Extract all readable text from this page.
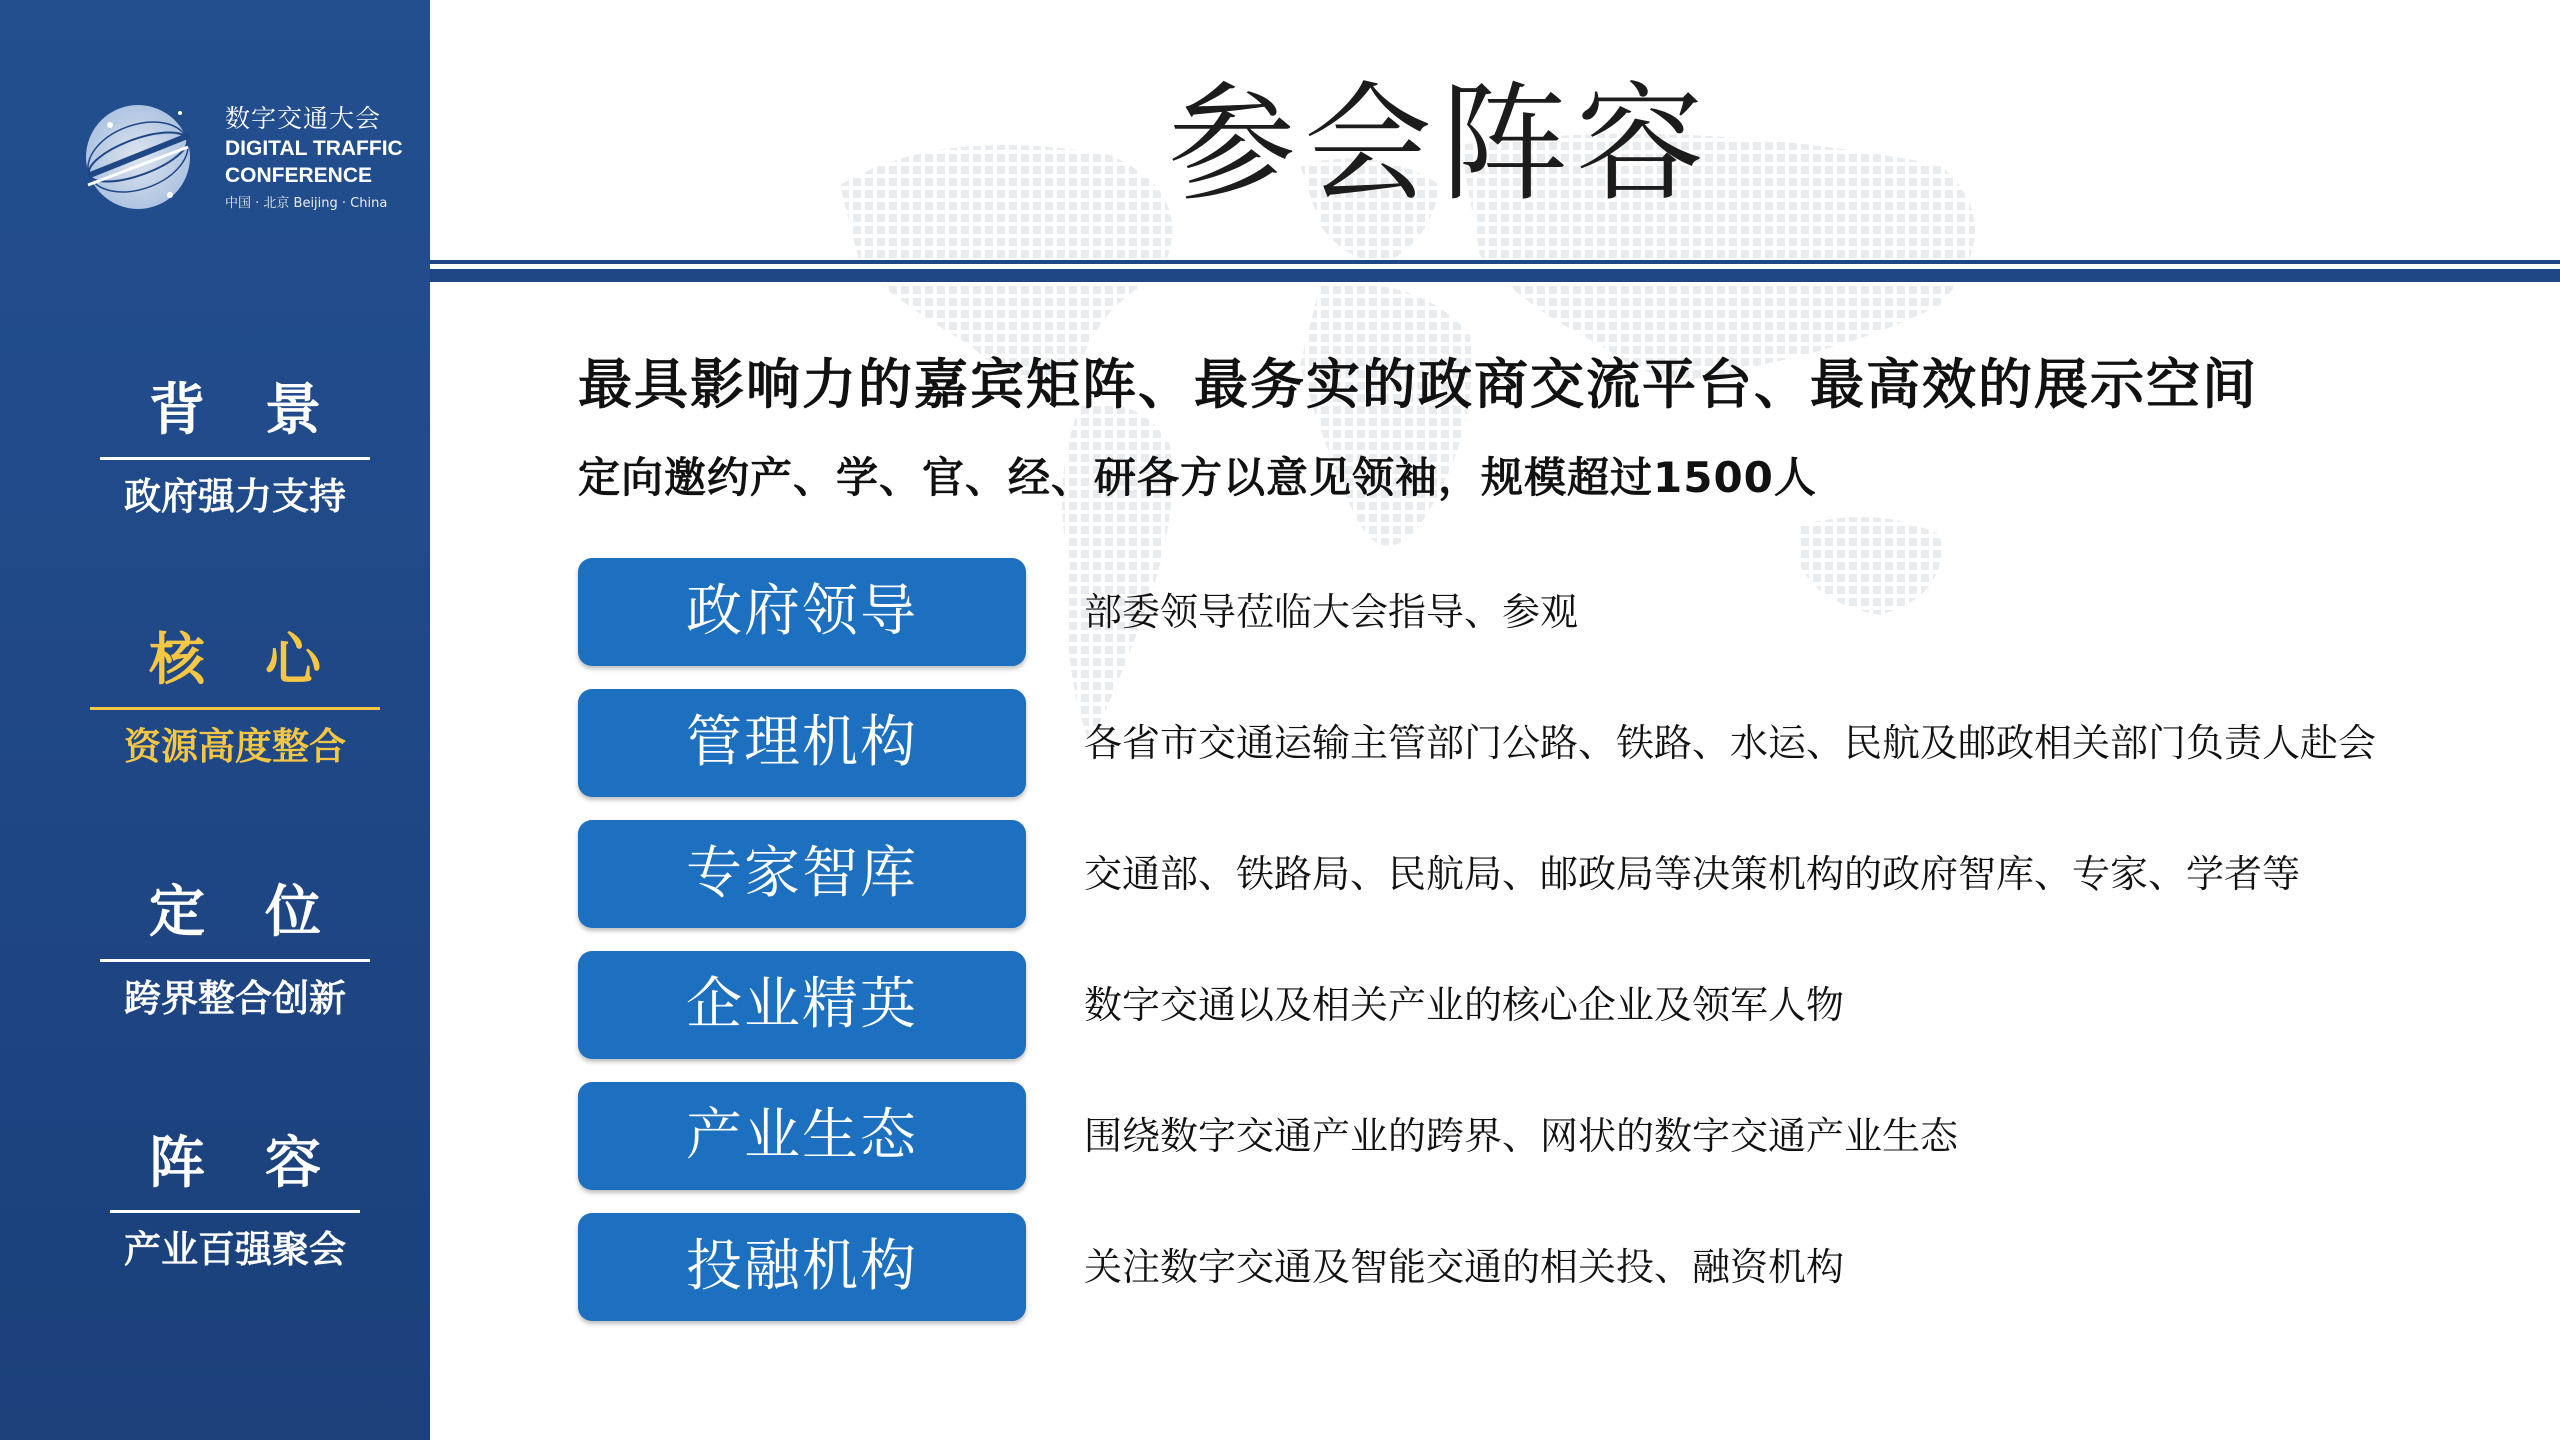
数字交通大会
DIGITAL TRAFFIC
CONFERENCE
中国 · 北京 Beijing · China
背景
政府强力支持
核心
资源高度整合
定位
跨界整合创新
阵容
产业百强聚会
参会阵容
最具影响力的嘉宾矩阵、最务实的政商交流平台、最高效的展示空间
定向邀约产、学、官、经、研各方以意见领袖，规模超过1500人
政府领导	部委领导莅临大会指导、参观
管理机构	各省市交通运输主管部门公路、铁路、水运、民航及邮政相关部门负责人赴会
专家智库	交通部、铁路局、民航局、邮政局等决策机构的政府智库、专家、学者等
企业精英	数字交通以及相关产业的核心企业及领军人物
产业生态	围绕数字交通产业的跨界、网状的数字交通产业生态
投融机构	关注数字交通及智能交通的相关投、融资机构
